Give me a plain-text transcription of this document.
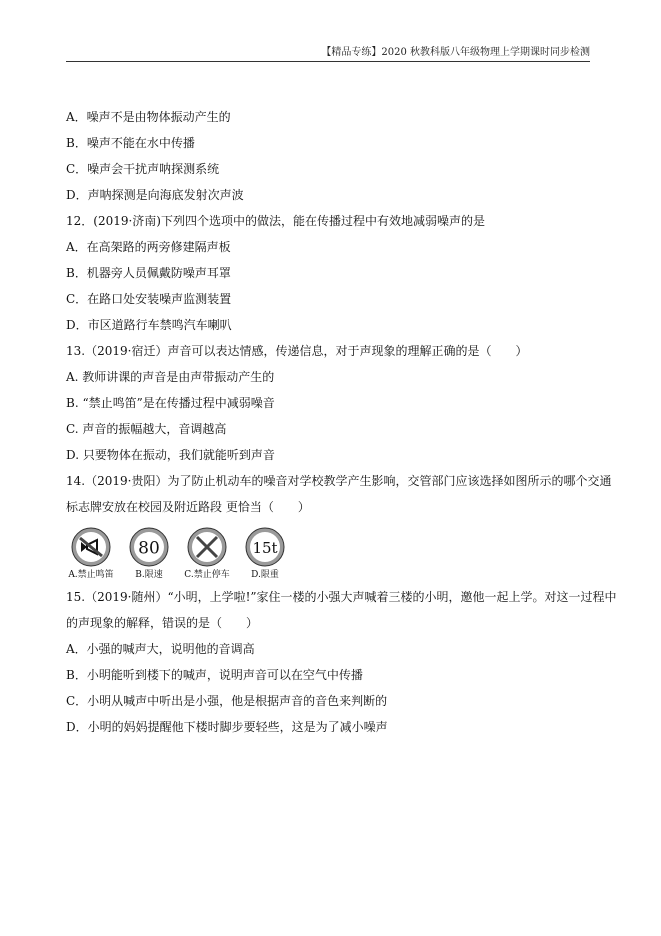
【精品专练】2020 秋教科版八年级物理上学期课时同步检测
A．噪声不是由物体振动产生的
B．噪声不能在水中传播
C．噪声会干扰声呐探测系统
D．声呐探测是向海底发射次声波
12．(2019·济南)下列四个选项中的做法，能在传播过程中有效地减弱噪声的是
A．在高架路的两旁修建隔声板
B．机器旁人员佩戴防噪声耳罩
C．在路口处安装噪声监测装置
D．市区道路行车禁鸣汽车喇叭
13.（2019·宿迁）声音可以表达情感，传递信息，对于声现象的理解正确的是（　　）
A. 教师讲课的声音是由声带振动产生的
B. “禁止鸣笛”是在传播过程中减弱噪音
C. 声音的振幅越大，音调越高
D. 只要物体在振动，我们就能听到声音
14.（2019·贵阳）为了防止机动车的噪音对学校教学产生影响，交管部门应该选择如图所示的哪个交通
标志牌安放在校园及附近路段 更恰当（　　）
A.禁止鸣笛
80
B.限速 C.禁止停车
15t
D.限重
15.（2019·随州）“小明，上学啦!”家住一楼的小强大声喊着三楼的小明，邀他一起上学。对这一过程中
的声现象的解释，错误的是（　　）
A．小强的喊声大，说明他的音调高
B．小明能听到楼下的喊声，说明声音可以在空气中传播
C．小明从喊声中听出是小强，他是根据声音的音色来判断的
D．小明的妈妈提醒他下楼时脚步要轻些，这是为了减小噪声
